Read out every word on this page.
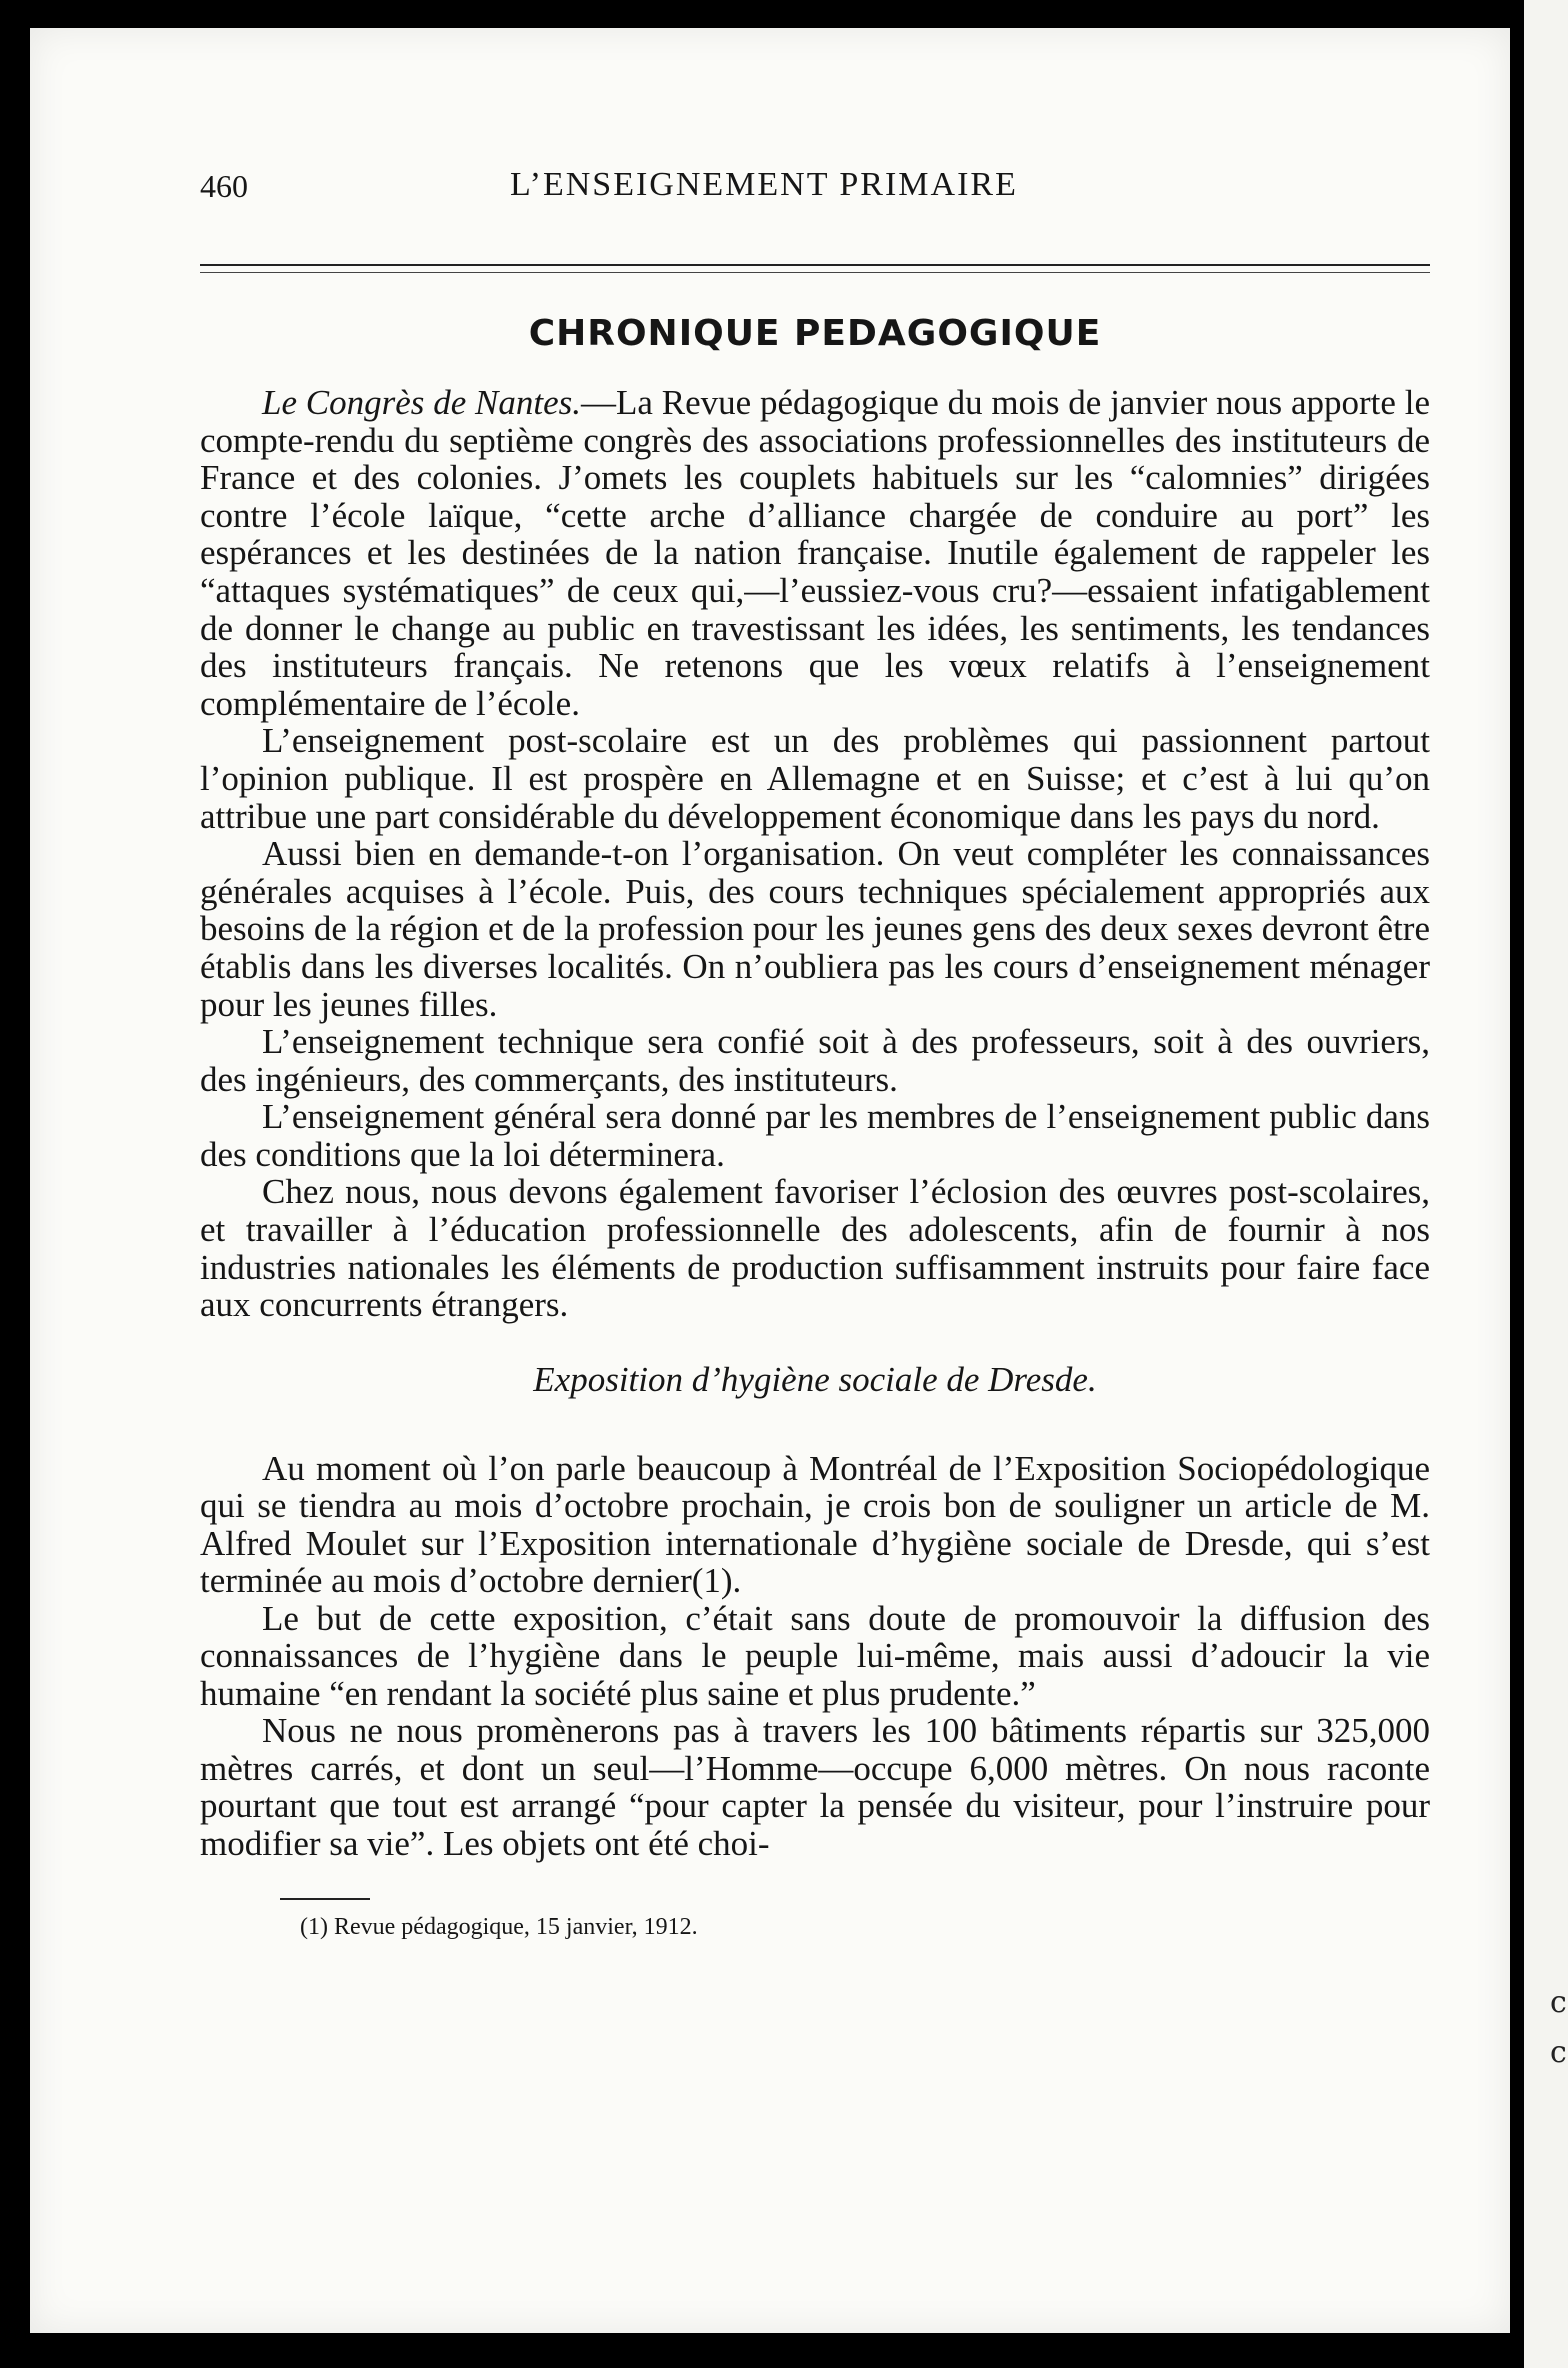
460	L’ENSEIGNEMENT PRIMAIRE
CHRONIQUE PEDAGOGIQUE

Le Congrès de Nantes.—La Revue pédagogique du mois de janvier nous apporte le compte-rendu du septième congrès des associations professionnelles des instituteurs de France et des colonies. J’omets les couplets habituels sur les “calomnies” dirigées contre l’école laïque, “cette arche d’alliance chargée de conduire au port” les espérances et les destinées de la nation française. Inutile également de rappeler les “attaques systématiques” de ceux qui,—l’eussiez-vous cru?—essaient infatigablement de donner le change au public en travestissant les idées, les sentiments, les tendances des instituteurs français. Ne retenons que les vœux relatifs à l’enseignement complémentaire de l’école.

L’enseignement post-scolaire est un des problèmes qui passionnent partout l’opinion publique. Il est prospère en Allemagne et en Suisse; et c’est à lui qu’on attribue une part considérable du développement économique dans les pays du nord.

Aussi bien en demande-t-on l’organisation. On veut compléter les connaissances générales acquises à l’école. Puis, des cours techniques spécialement appropriés aux besoins de la région et de la profession pour les jeunes gens des deux sexes devront être établis dans les diverses localités. On n’oubliera pas les cours d’enseignement ménager pour les jeunes filles.

L’enseignement technique sera confié soit à des professeurs, soit à des ouvriers, des ingénieurs, des commerçants, des instituteurs.

L’enseignement général sera donné par les membres de l’enseignement public dans des conditions que la loi déterminera.

Chez nous, nous devons également favoriser l’éclosion des œuvres post-scolaires, et travailler à l’éducation professionnelle des adolescents, afin de fournir à nos industries nationales les éléments de production suffisamment instruits pour faire face aux concurrents étrangers.

Exposition d’hygiène sociale de Dresde.

Au moment où l’on parle beaucoup à Montréal de l’Exposition Sociopédologique qui se tiendra au mois d’octobre prochain, je crois bon de souligner un article de M. Alfred Moulet sur l’Exposition internationale d’hygiène sociale de Dresde, qui s’est terminée au mois d’octobre dernier(1).

Le but de cette exposition, c’était sans doute de promouvoir la diffusion des connaissances de l’hygiène dans le peuple lui-même, mais aussi d’adoucir la vie humaine “en rendant la société plus saine et plus prudente.”

Nous ne nous promènerons pas à travers les 100 bâtiments répartis sur 325,000 mètres carrés, et dont un seul—l’Homme—occupe 6,000 mètres. On nous raconte pourtant que tout est arrangé “pour capter la pensée du visiteur, pour l’instruire pour modifier sa vie”. Les objets ont été choi-

(1) Revue pédagogique, 15 janvier, 1912.
c
c
